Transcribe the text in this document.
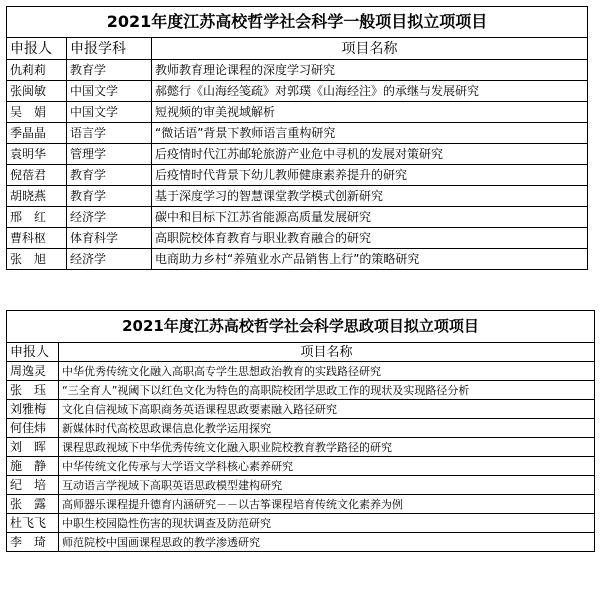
2021年度江苏高校哲学社会科学一般项目拟立项项目		
申报人	申报学科	项目名称
仇莉莉	教育学	教师教育理论课程的深度学习研究
张闽敏	中国文学	郝懿行《山海经笺疏》对郭璞《山海经注》的承继与发展研究
吴　娟	中国文学	短视频的审美视域解析
季晶晶	语言学	“微话语”背景下教师语言重构研究
袁明华	管理学	后疫情时代江苏邮轮旅游产业危中寻机的发展对策研究
倪蓓君	教育学	后疫情时代背景下幼儿教师健康素养提升的研究
胡晓燕	教育学	基于深度学习的智慧课堂教学模式创新研究
邢　红	经济学	碳中和目标下江苏省能源高质量发展研究
曹科枢	体育科学	高职院校体育教育与职业教育融合的研究
张　旭	经济学	电商助力乡村“养殖业水产品销售上行”的策略研究
2021年度江苏高校哲学社会科学思政项目拟立项项目	
申报人	项目名称
周逸灵	中华优秀传统文化融入高职高专学生思想政治教育的实践路径研究
张　珏	“三全育人”视阈下以红色文化为特色的高职院校团学思政工作的现状及实现路径分析
刘雅梅	文化自信视域下高职商务英语课程思政要素融入路径研究
何佳炜	新媒体时代高校思政课信息化教学运用探究
刘　晖	课程思政视域下中华优秀传统文化融入职业院校教育教学路径的研究
施　静	中华传统文化传承与大学语文学科核心素养研究
纪　培	互动语言学视域下高职英语思政模型建构研究
张　露	高师器乐课程提升德育内涵研究－－以古筝课程培育传统文化素养为例
杜飞飞	中职生校园隐性伤害的现状调查及防范研究
李　琦	师范院校中国画课程思政的教学渗透研究
